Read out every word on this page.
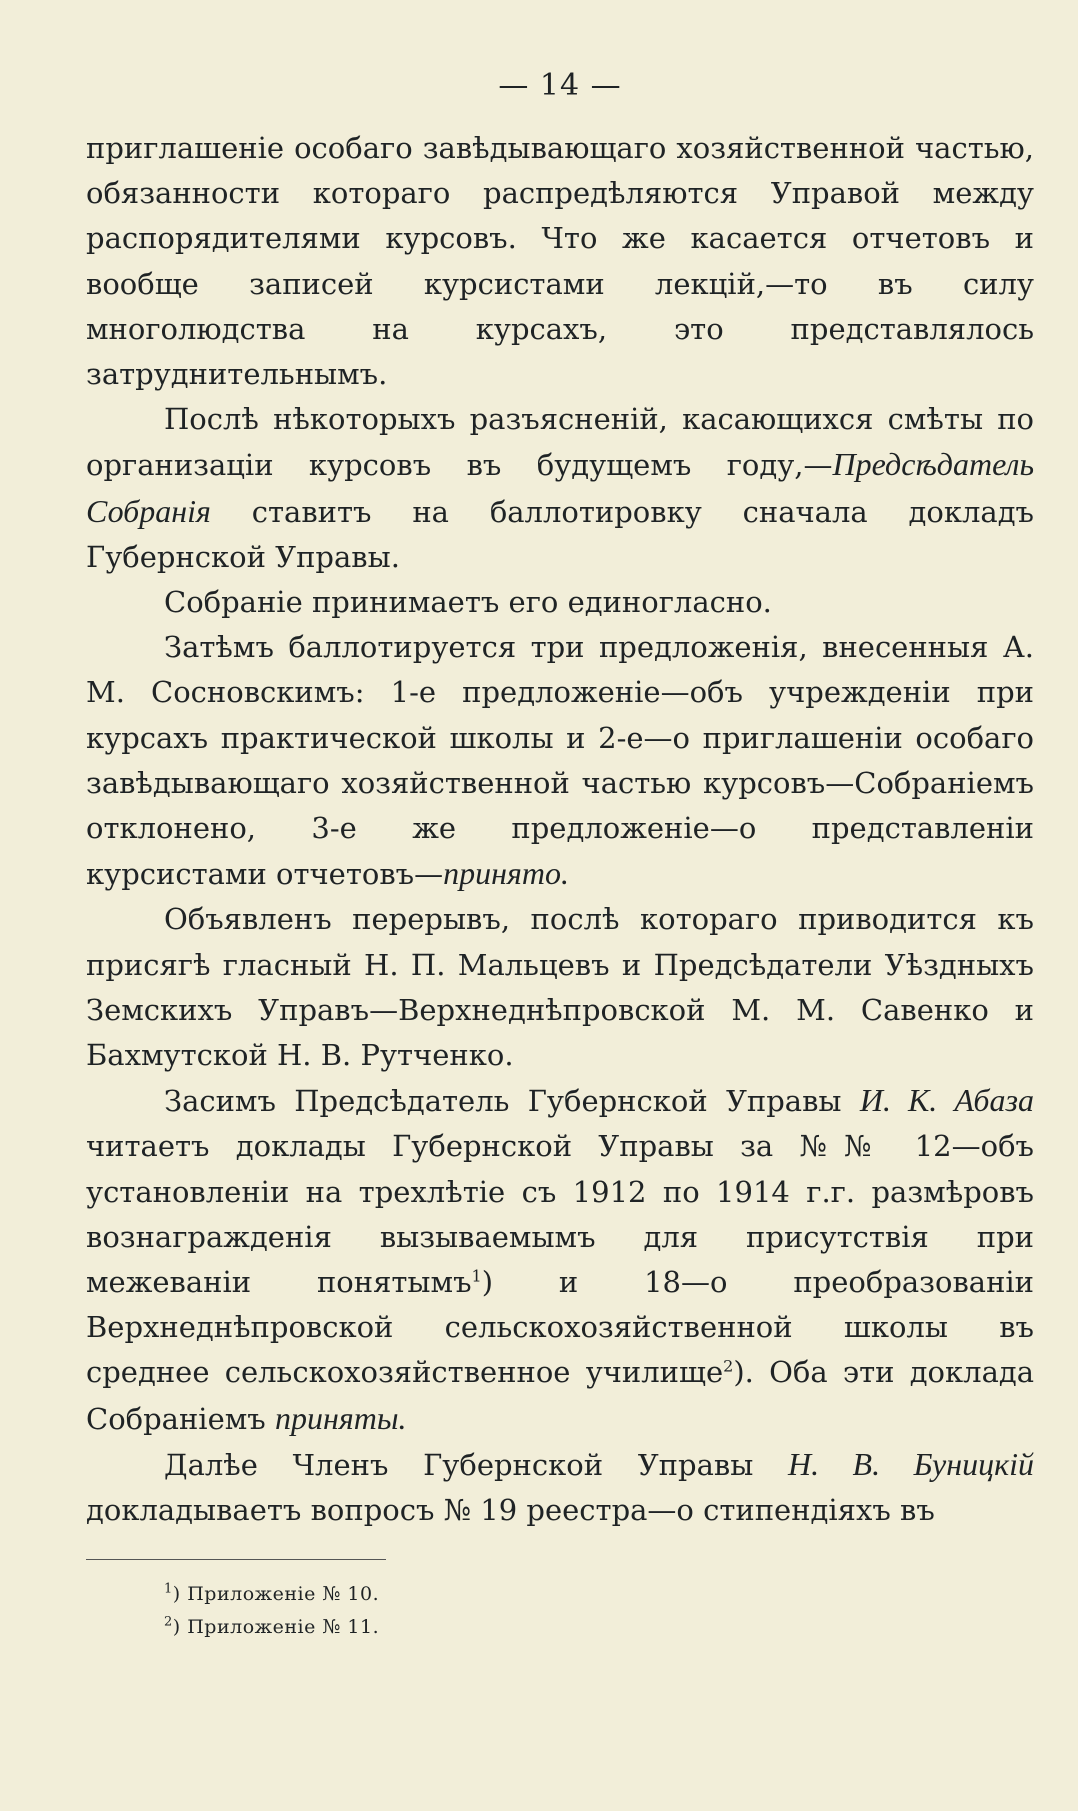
— 14 —

приглашеніе особаго завѣдывающаго хозяйственной частью, обязанности котораго распредѣляются Управой между распорядителями курсовъ. Что же касается отчетовъ и вообще записей курсистами лекцій,—то въ силу многолюдства на курсахъ, это представлялось затруднительнымъ.

Послѣ нѣкоторыхъ разъясненій, касающихся смѣты по организаціи курсовъ въ будущемъ году,—Предсѣдатель Собранія ставитъ на баллотировку сначала докладъ Губернской Управы.

Собраніе принимаетъ его единогласно.

Затѣмъ баллотируется три предложенія, внесенныя А. М. Сосновскимъ: 1-е предложеніе—объ учрежденіи при курсахъ практической школы и 2-е—о приглашеніи особаго завѣдывающаго хозяйственной частью курсовъ—Собраніемъ отклонено, 3-е же предложеніе—о представленіи курсистами отчетовъ—принято.

Объявленъ перерывъ, послѣ котораго приводится къ присягѣ гласный Н. П. Мальцевъ и Предсѣдатели Уѣздныхъ Земскихъ Управъ—Верхнеднѣпровской М. М. Савенко и Бахмутской Н. В. Рутченко.

Засимъ Предсѣдатель Губернской Управы И. К. Абаза читаетъ доклады Губернской Управы за №№ 12—объ установленіи на трехлѣтіе съ 1912 по 1914 г.г. размѣровъ вознагражденія вызываемымъ для присутствія при межеваніи понятымъ$^1$) и 18—о преобразованіи Верхнеднѣпровской сельскохозяйственной школы въ среднее сельскохозяйственное училище$^2$). Оба эти доклада Собраніемъ приняты.

Далѣе Членъ Губернской Управы Н. В. Буницкій докладываетъ вопросъ № 19 реестра—о стипендіяхъ въ

$^1$) Приложеніе № 10.

$^2$) Приложеніе № 11.
